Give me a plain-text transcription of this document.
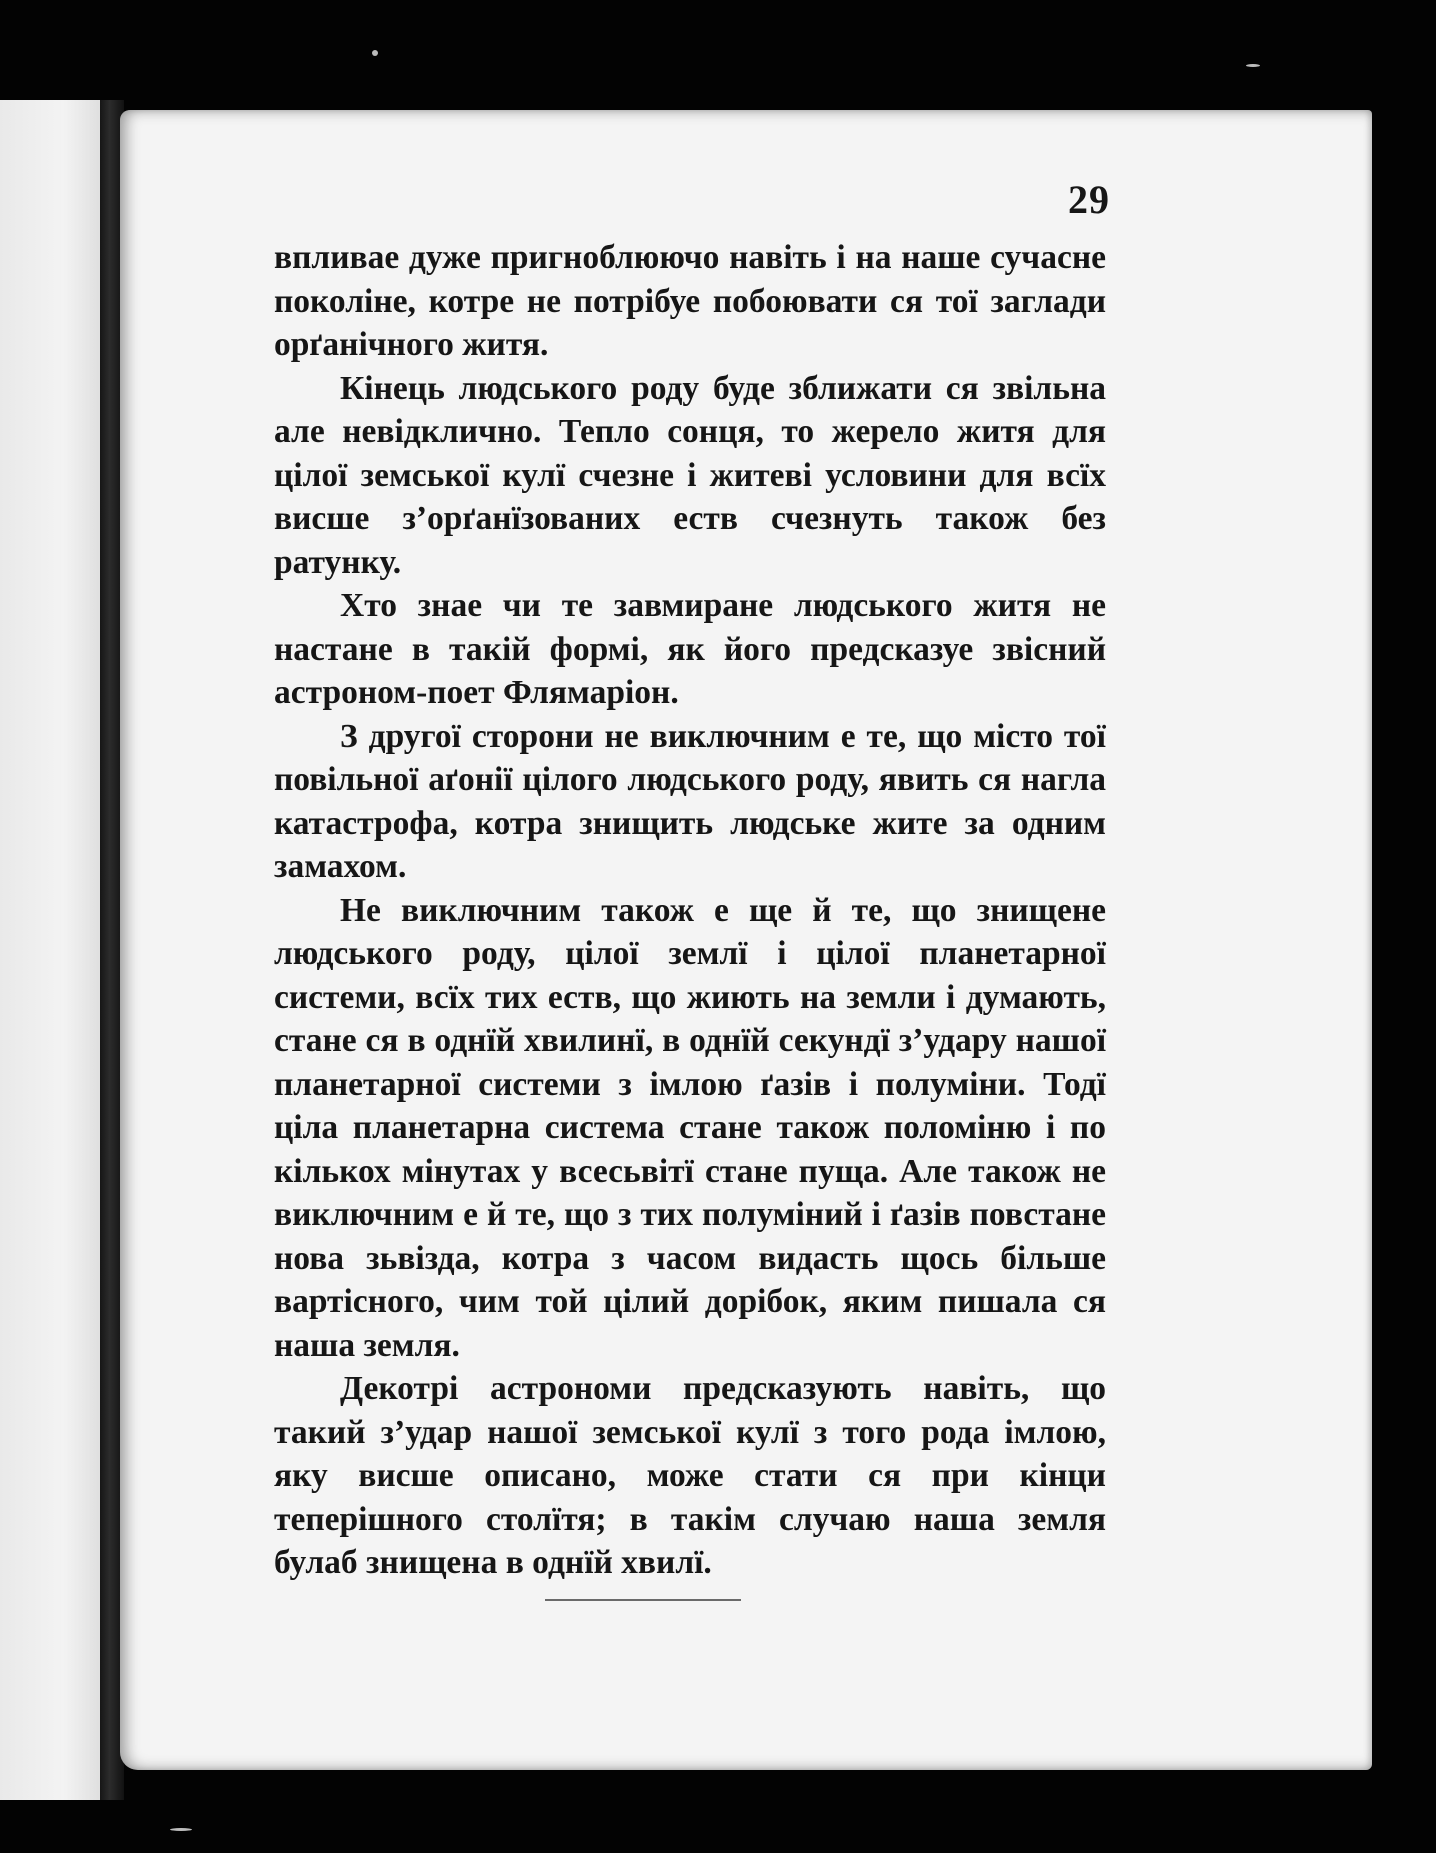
29

впливае дуже пригноблюючо навіть і на наше сучасне поколіне, котре не потрібуе побоювати ся тої заглади орґанічного житя.

Кінець людського роду буде зближати ся звільна але невідклично. Тепло сонця, то жерело житя для цілої земської кулї счезне і житеві условини для всїх висше з’орґанїзованих еств счезнуть також без ратунку.

Хто знае чи те завмиране людського житя не настане в такій формі, як його предсказуе звісний астроном-поет Флямаріон.

З другої сторони не виключним е те, що місто тої повільної аґонії цілого людського роду, явить ся нагла катастрофа, котра знищить людське жите за одним замахом.

Не виключним також е ще й те, що знищене людського роду, цілої землї і цілої планетарної системи, всїх тих еств, що жиють на земли і думають, стане ся в однїй хвилинї, в однїй секундї з’удару нашої планетарної системи з імлою ґазів і полуміни. Тодї ціла планетарна система стане також поломіню і по кількох мінутах у всесьвітї стане пуща. Але також не виключним е й те, що з тих полуміний і ґазів повстане нова зьвізда, котра з часом видасть щось більше вартісного, чим той цілий дорібок, яким пишала ся наша земля.

Декотрі астрономи предсказують навіть, що такий з’удар нашої земської кулї з того рода імлою, яку висше описано, може стати ся при кінци теперішного столїтя; в такім случаю наша земля булаб знищена в однїй хвилї.
